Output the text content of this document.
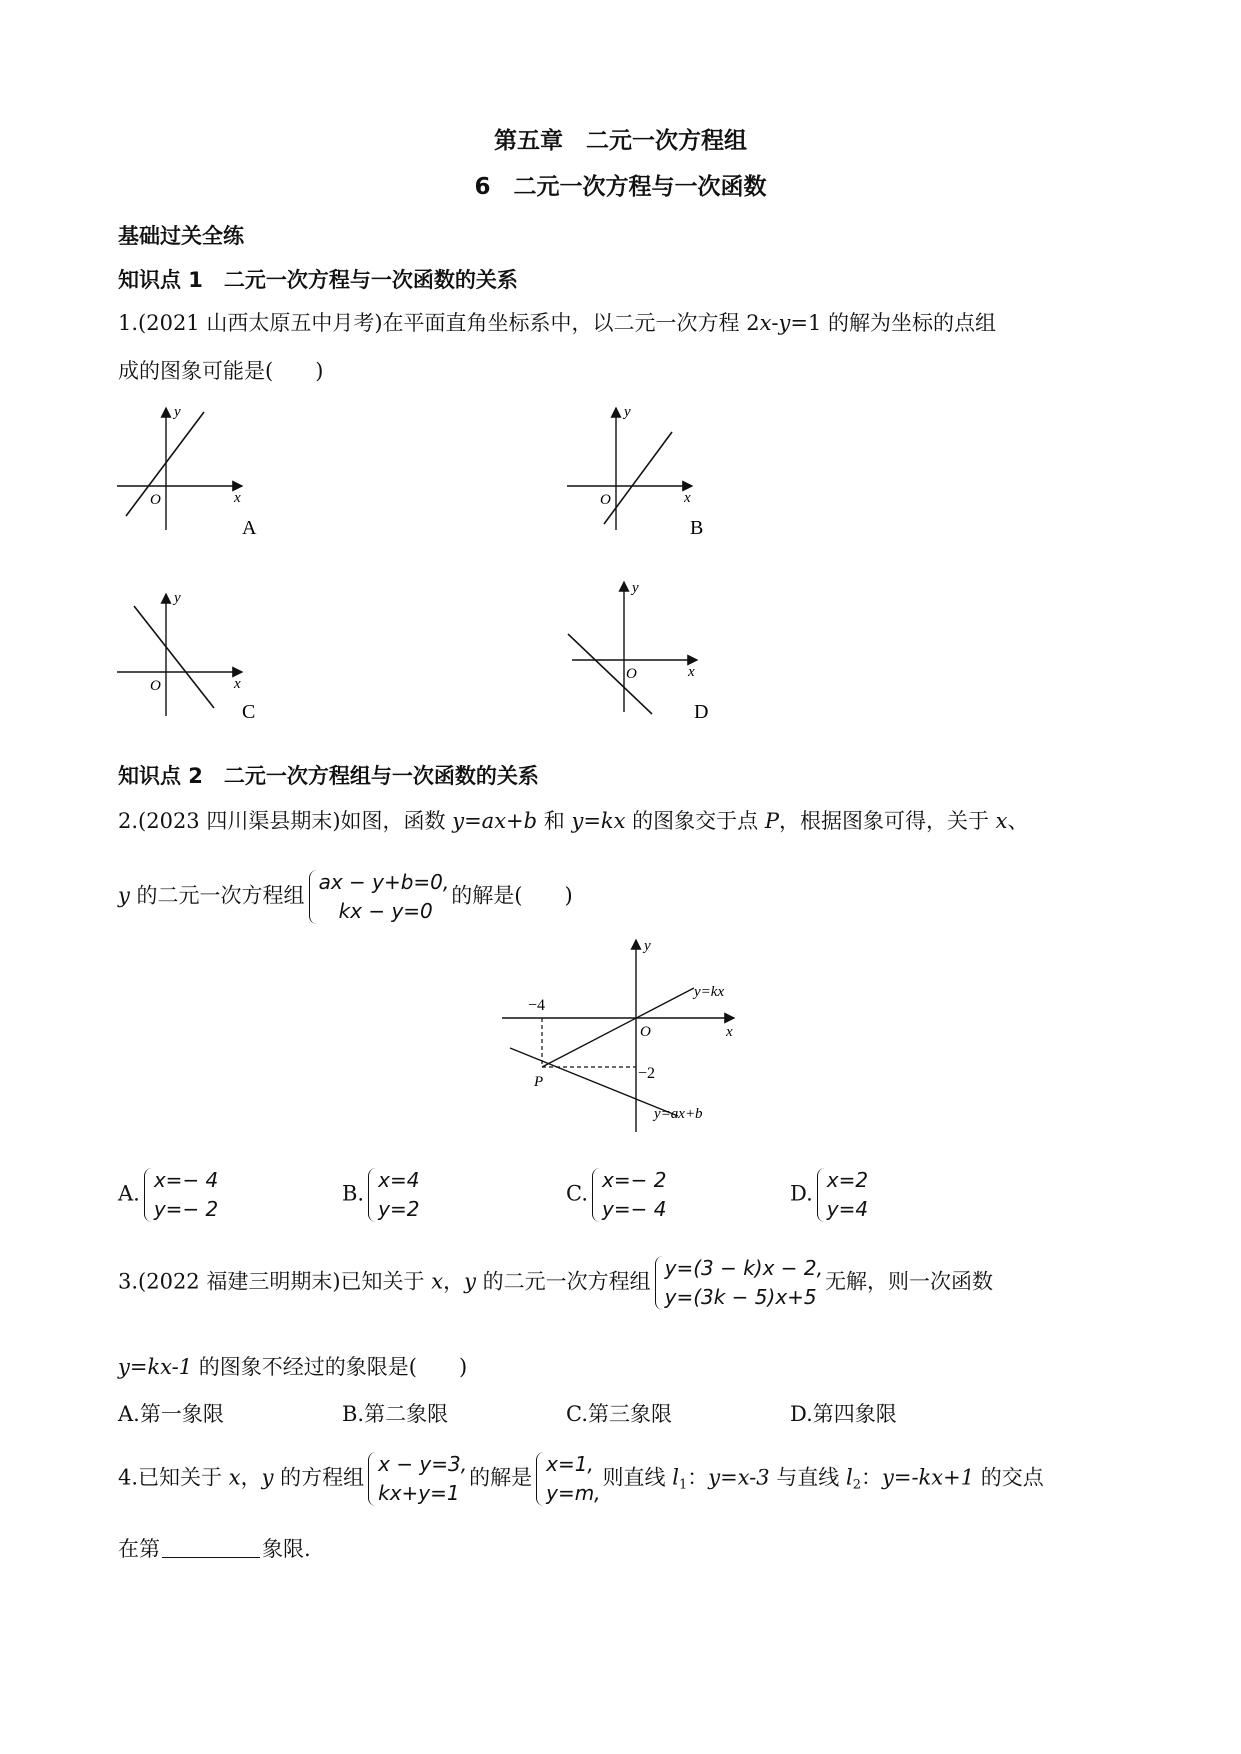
第五章　二元一次方程组
6　二元一次方程与一次函数
基础过关全练
知识点 1　二元一次方程与一次函数的关系
1.(2021 山西太原五中月考)在平面直角坐标系中，以二元一次方程 2x-y=1 的解为坐标的点组
成的图象可能是(　　)
y
x
O
A
y
x
O
B
y
x
O
C
y
x
O
D
知识点 2　二元一次方程组与一次函数的关系
2.(2023 四川渠县期末)如图，函数 y=ax+b 和 y=kx 的图象交于点 P，根据图象可得，关于 x、
y 的二元一次方程组
ax − y+b=0,
kx − y=0
的解是(　　)
y
x
O
−4
−2
P
y=kx
y=ax+b
A.
x=− 4
y=− 2
B.
x=4
y=2
C.
x=− 2
y=− 4
D.
x=2
y=4
3.(2022 福建三明期末)已知关于 x，y 的二元一次方程组
y=(3 − k)x − 2,
y=(3k − 5)x+5
无解，则一次函数
y=kx-1 的图象不经过的象限是(　　)
A.第一象限	B.第二象限	C.第三象限	D.第四象限
4.已知关于 x，y 的方程组
x − y=3,
kx+y=1
的解是
x=1,
y=m,
则直线 $l_1$：y=x-3 与直线 $l_2$：y=-kx+1 的交点
在第	象限.
